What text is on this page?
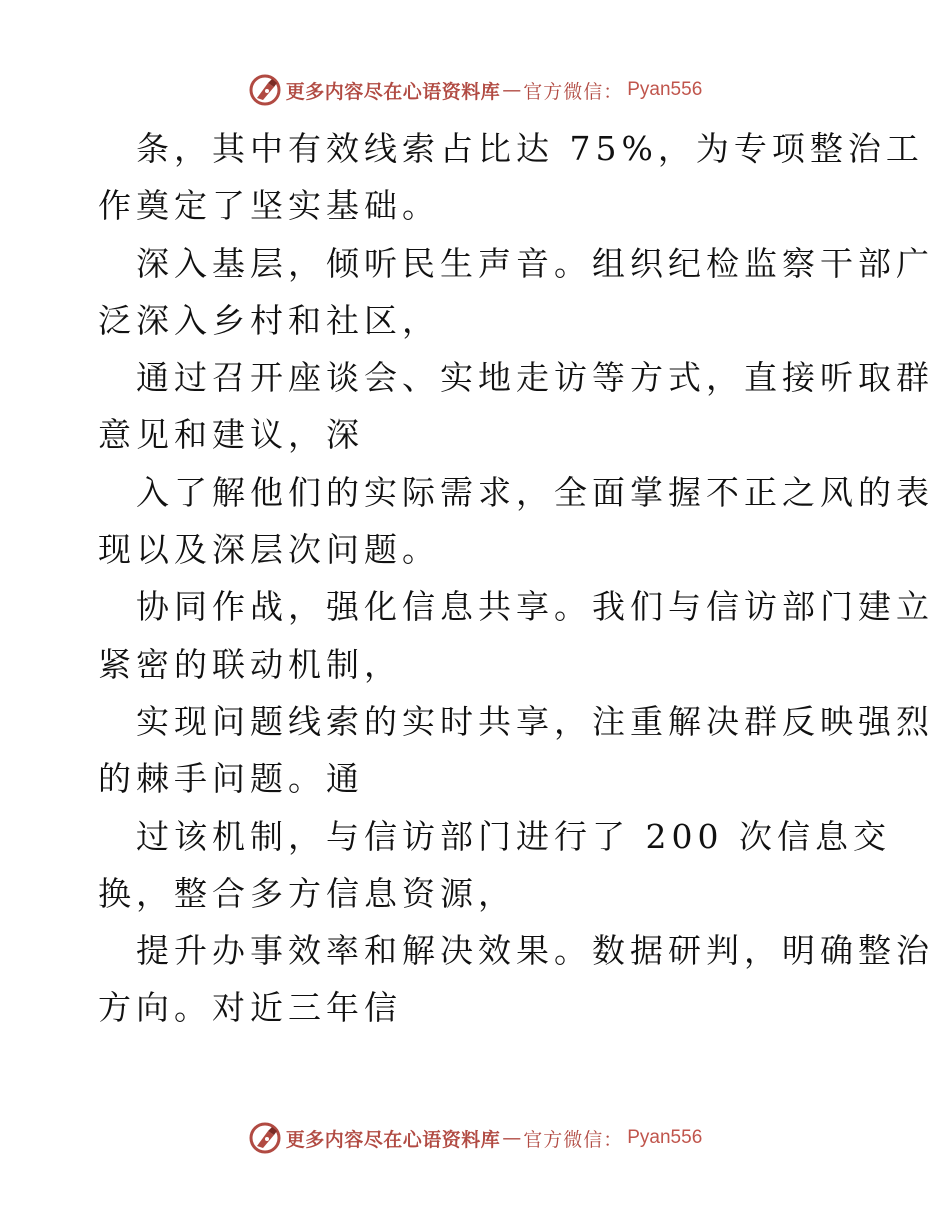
更多内容尽在心语资料库 — 官方微信： Pyan556
条，其中有效线索占比达 75%，为专项整治工
作奠定了坚实基础。
深入基层，倾听民生声音。组织纪检监察干部广
泛深入乡村和社区，
通过召开座谈会、实地走访等方式，直接听取群
意见和建议，深
入了解他们的实际需求，全面掌握不正之风的表
现以及深层次问题。
协同作战，强化信息共享。我们与信访部门建立
紧密的联动机制，
实现问题线索的实时共享，注重解决群反映强烈
的棘手问题。通
过该机制，与信访部门进行了 200 次信息交
换，整合多方信息资源，
提升办事效率和解决效果。数据研判，明确整治
方向。对近三年信
更多内容尽在心语资料库 — 官方微信： Pyan556
